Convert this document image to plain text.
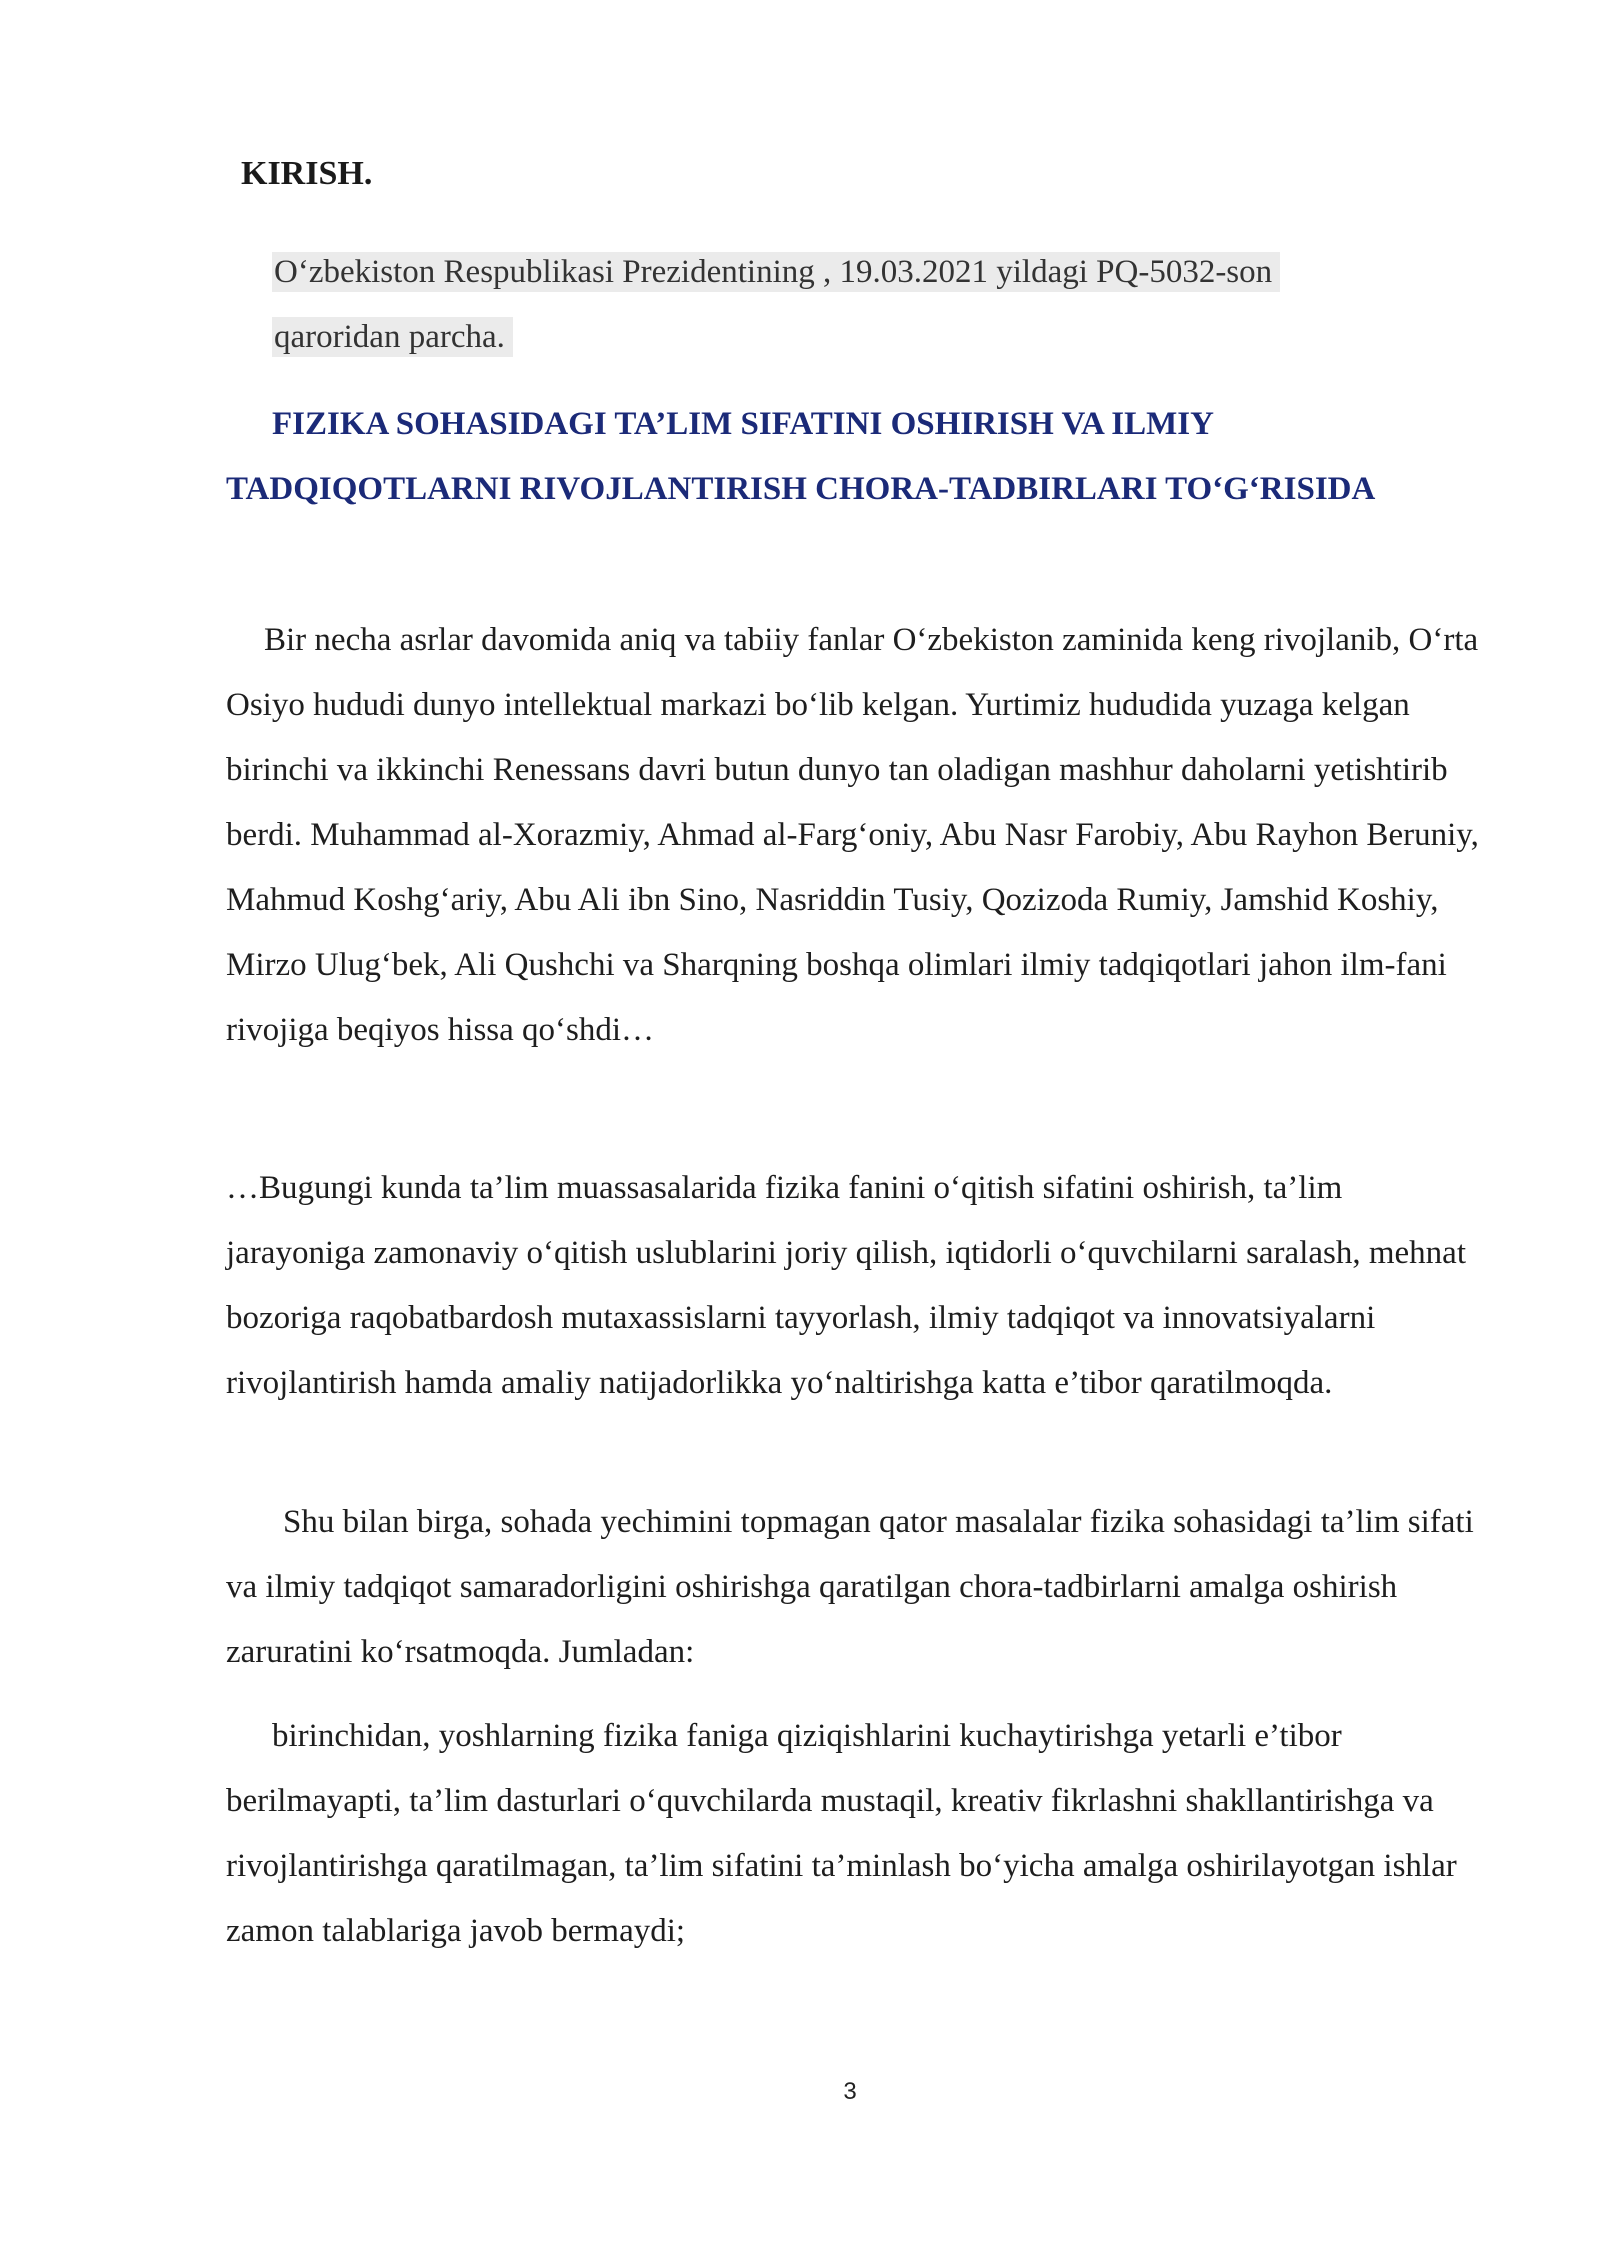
KIRISH.
O‘zbekiston Respublikasi Prezidentining , 19.03.2021 yildagi PQ-5032-son
qaroridan parcha.
FIZIKA SOHASIDAGI TA’LIM SIFATINI OSHIRISH VA ILMIY TADQIQOTLARNI RIVOJLANTIRISH CHORA-TADBIRLARI TO‘G‘RISIDA

Bir necha asrlar davomida aniq va tabiiy fanlar O‘zbekiston zaminida keng rivojlanib, O‘rta Osiyo hududi dunyo intellektual markazi bo‘lib kelgan. Yurtimiz hududida yuzaga kelgan birinchi va ikkinchi Renessans davri butun dunyo tan oladigan mashhur daholarni yetishtirib berdi. Muhammad al-Xorazmiy, Ahmad al-Farg‘oniy, Abu Nasr Farobiy, Abu Rayhon Beruniy, Mahmud Koshg‘ariy, Abu Ali ibn Sino, Nasriddin Tusiy, Qozizoda Rumiy, Jamshid Koshiy, Mirzo Ulug‘bek, Ali Qushchi va Sharqning boshqa olimlari ilmiy tadqiqotlari jahon ilm-fani rivojiga beqiyos hissa qo‘shdi…

…Bugungi kunda ta’lim muassasalarida fizika fanini o‘qitish sifatini oshirish, ta’lim jarayoniga zamonaviy o‘qitish uslublarini joriy qilish, iqtidorli o‘quvchilarni saralash, mehnat bozoriga raqobatbardosh mutaxassislarni tayyorlash, ilmiy tadqiqot va innovatsiyalarni rivojlantirish hamda amaliy natijadorlikka yo‘naltirishga katta e’tibor qaratilmoqda.

Shu bilan birga, sohada yechimini topmagan qator masalalar fizika sohasidagi ta’lim sifati va ilmiy tadqiqot samaradorligini oshirishga qaratilgan chora-tadbirlarni amalga oshirish zaruratini ko‘rsatmoqda. Jumladan:

birinchidan, yoshlarning fizika faniga qiziqishlarini kuchaytirishga yetarli e’tibor berilmayapti, ta’lim dasturlari o‘quvchilarda mustaqil, kreativ fikrlashni shakllantirishga va rivojlantirishga qaratilmagan, ta’lim sifatini ta’minlash bo‘yicha amalga oshirilayotgan ishlar zamon talablariga javob bermaydi;

3
